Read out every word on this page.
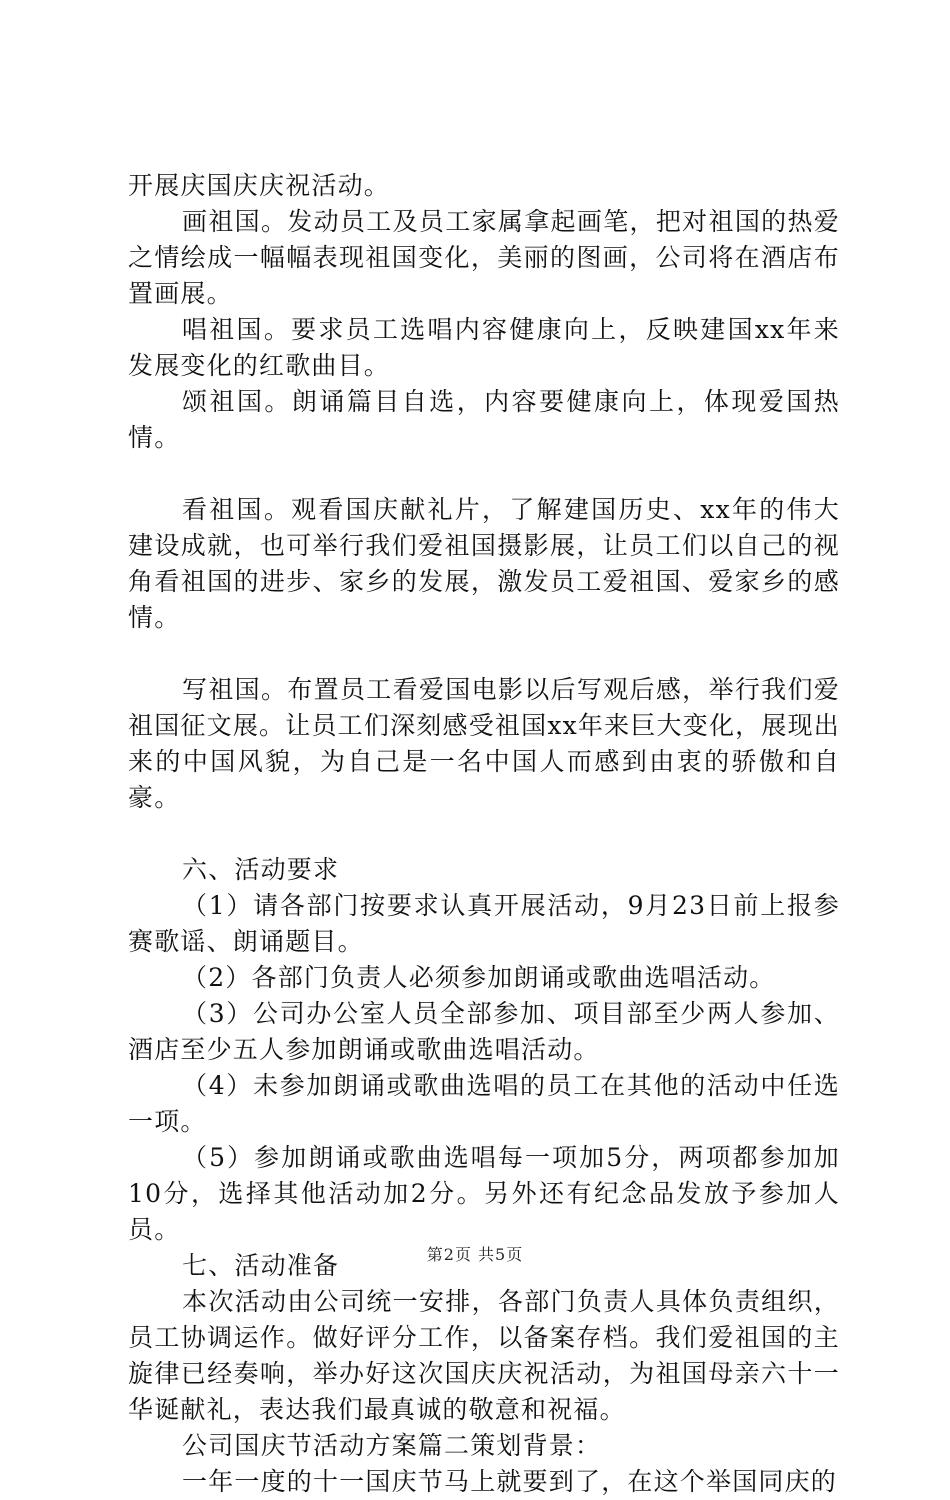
开展庆国庆庆祝活动。

画祖国。发动员工及员工家属拿起画笔，把对祖国的热爱之情绘成一幅幅表现祖国变化，美丽的图画，公司将在酒店布置画展。

唱祖国。要求员工选唱内容健康向上，反映建国xx年来发展变化的红歌曲目。

颂祖国。朗诵篇目自选，内容要健康向上，体现爱国热情。

看祖国。观看国庆献礼片，了解建国历史、xx年的伟大建设成就，也可举行我们爱祖国摄影展，让员工们以自己的视角看祖国的进步、家乡的发展，激发员工爱祖国、爱家乡的感情。

写祖国。布置员工看爱国电影以后写观后感，举行我们爱祖国征文展。让员工们深刻感受祖国xx年来巨大变化，展现出来的中国风貌，为自己是一名中国人而感到由衷的骄傲和自豪。

六、活动要求

（1）请各部门按要求认真开展活动，9月23日前上报参赛歌谣、朗诵题目。

（2）各部门负责人必须参加朗诵或歌曲选唱活动。

（3）公司办公室人员全部参加、项目部至少两人参加、酒店至少五人参加朗诵或歌曲选唱活动。

（4）未参加朗诵或歌曲选唱的员工在其他的活动中任选一项。

（5）参加朗诵或歌曲选唱每一项加5分，两项都参加加10分，选择其他活动加2分。另外还有纪念品发放予参加人员。

七、活动准备

本次活动由公司统一安排，各部门负责人具体负责组织，员工协调运作。做好评分工作，以备案存档。我们爱祖国的主旋律已经奏响，举办好这次国庆庆祝活动，为祖国母亲六十一华诞献礼，表达我们最真诚的敬意和祝福。

公司国庆节活动方案篇二策划背景：

一年一度的十一国庆节马上就要到了，在这个举国同庆的

第2页 共5页
